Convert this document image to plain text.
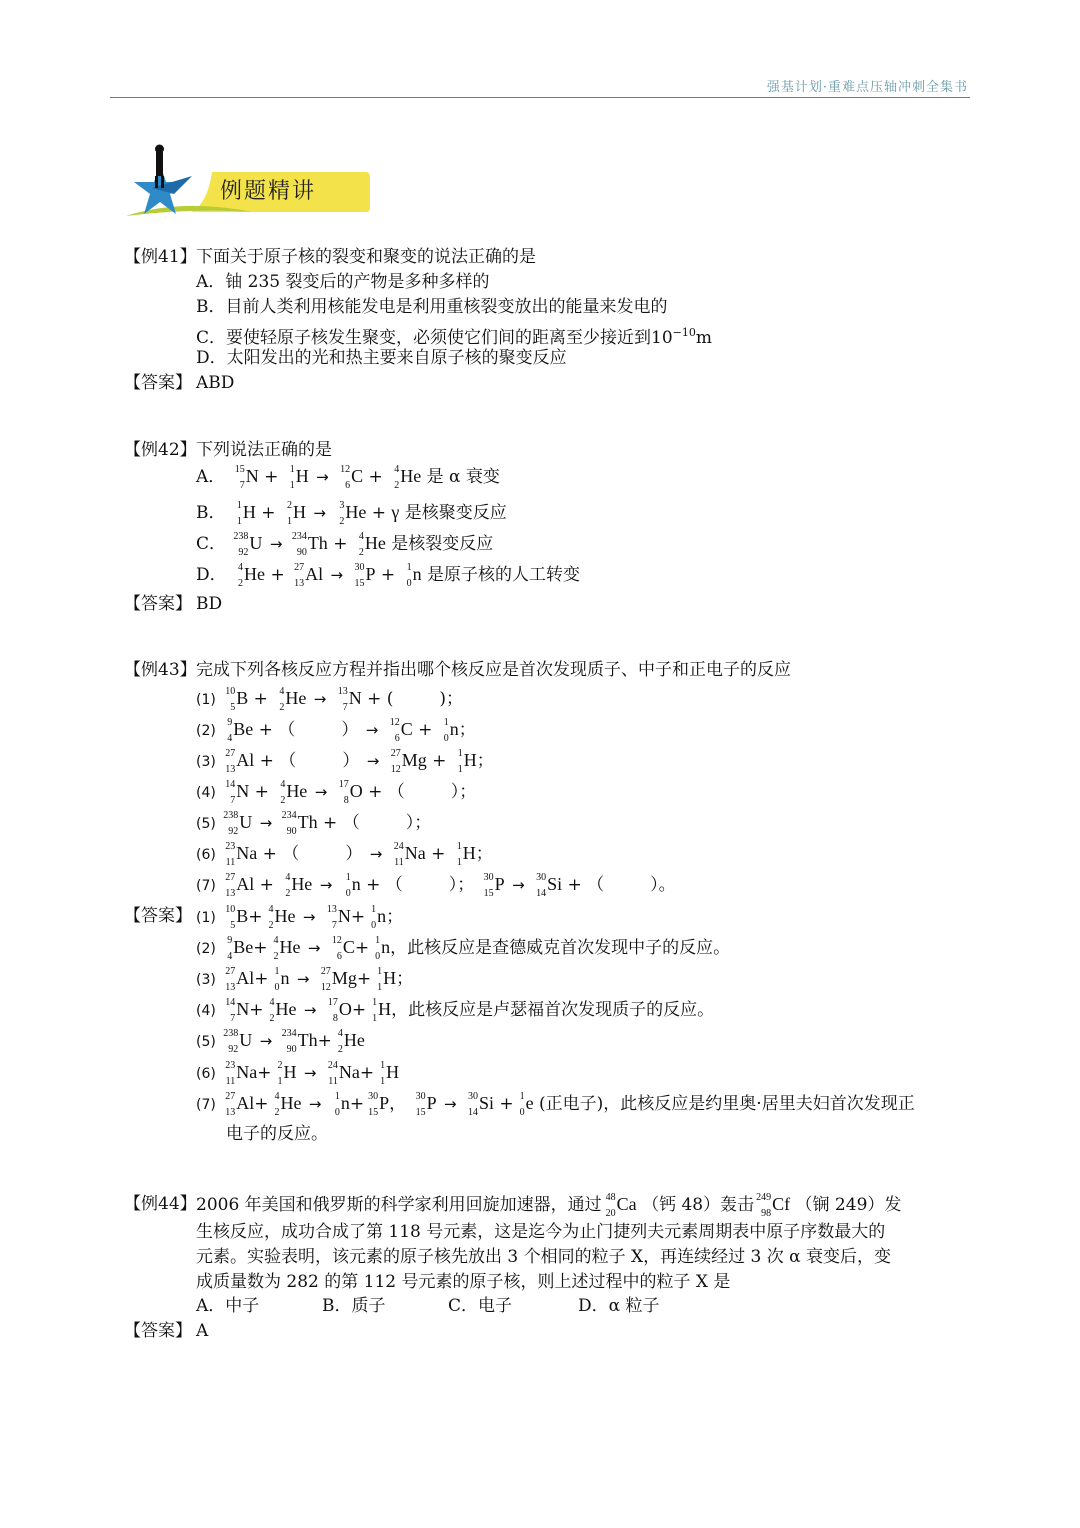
强基计划·重难点压轴冲刺全集书
例题精讲
【例41】 下面关于原子核的裂变和聚变的说法正确的是
A．铀 235 裂变后的产物是多种多样的
B．目前人类利用核能发电是利用重核裂变放出的能量来发电的
C．要使轻原子核发生聚变，必须使它们间的距离至少接近到$10^{-10}m$
D．太阳发出的光和热主要来自原子核的聚变反应
【答案】 ABD
【例42】 下列说法正确的是
A． 15
7 N + 1
1 H → 12
6 C + 4
2 He 是 α 衰变
B． 1
1 H + 2
1 H → 3
2 He + γ 是核聚变反应
C． 238
92 U → 234
90 Th + 4
2 He 是核裂变反应
D． 4
2 He + 27
13 Al → 30
15 P + 1
0 n 是原子核的人工转变
【答案】 BD
【例43】 完成下列各核反应方程并指出哪个核反应是首次发现质子、中子和正电子的反应
(1)
10
5 B + 4
2 He → 13
7 N + (	)；
(2)
9
4 Be + （	） → 12
6 C + 1
0 n；
(3)
27
13 Al + （	） → 27
12 Mg + 1
1 H；
(4)
14
7 N + 4
2 He → 17
8 O + （	）；
(5)
238
92 U → 234
90 Th + （	）；
(6)
23
11 Na + （	） → 24
11 Na + 1
1 H；
(7)
27
13 Al + 4
2 He → 1
0 n + （	）； 30
15 P → 30
14 Si + （	）。
【答案】 (1)
10
5 B+ 4
2 He → 13
7 N+ 1
0 n；
(2)
9
4 Be+ 4
2 He → 12
6 C+ 1
0 n，此核反应是查德威克首次发现中子的反应。
(3)
27
13 Al+ 1
0 n → 27
12 Mg+ 1
1 H；
(4)
14
7 N+ 4
2 He → 17
8 O+ 1
1 H，此核反应是卢瑟福首次发现质子的反应。
(5)
238
92 U → 234
90 Th+ 4
2 He
(6)
23
11 Na+ 2
1 H → 24
11 Na+ 1
1 H
(7)
27
13 Al+ 4
2 He → 1
0 n+ 30
15 P， 30
15 P → 30
14 Si + 1
0 e (正电子)，此核反应是约里奥·居里夫妇首次发现正
电子的反应。
【例44】 2006 年美国和俄罗斯的科学家利用回旋加速器，通过 48
20 Ca （钙 48）轰击 249
98 Cf （锎 249）发
生核反应，成功合成了第 118 号元素，这是迄今为止门捷列夫元素周期表中原子序数最大的
元素。实验表明，该元素的原子核先放出 3 个相同的粒子 X，再连续经过 3 次 α 衰变后，变
成质量数为 282 的第 112 号元素的原子核，则上述过程中的粒子 X 是
A．中子	B．质子	C．电子	D．α 粒子
【答案】 A
